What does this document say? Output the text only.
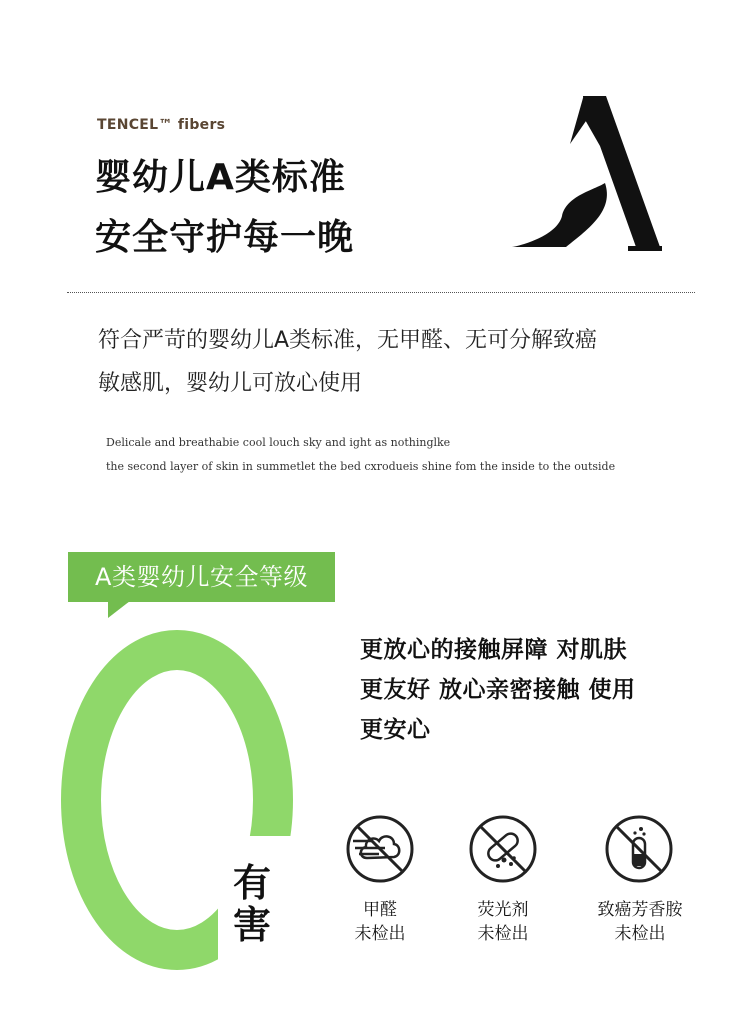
TENCEL™ fibers
婴幼儿A类标准
安全守护每一晚
符合严苛的婴幼儿A类标准，无甲醛、无可分解致癌
敏感肌，婴幼儿可放心使用
Delicale and breathabie cool louch sky and ight as nothinglke
the second layer of skin in summetlet the bed cxrodueis shine fom the inside to the outside
A类婴幼儿安全等级
有
害
更放心的接触屏障 对肌肤
更友好 放心亲密接触 使用
更安心
甲醛
未检出
荧光剂
未检出
致癌芳香胺
未检出
